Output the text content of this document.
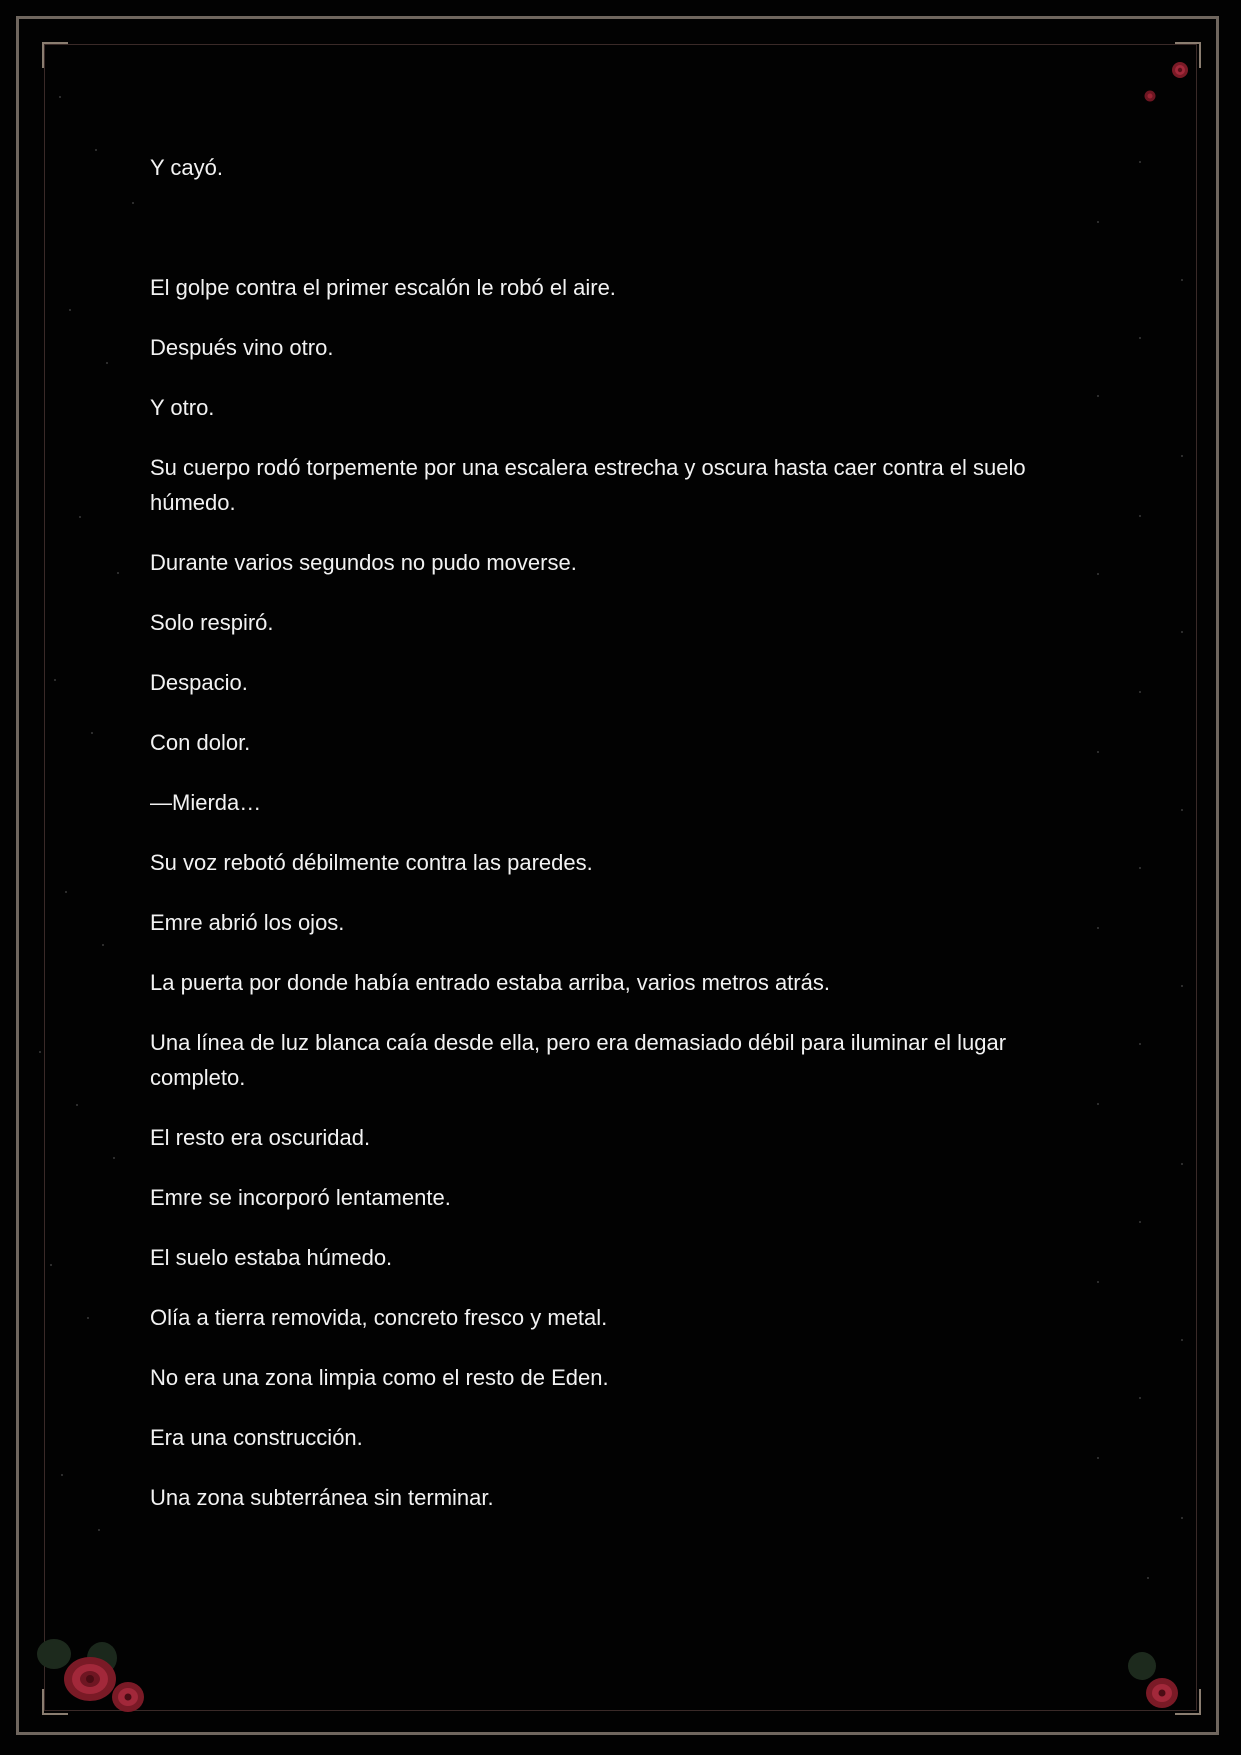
Y cayó.

El golpe contra el primer escalón le robó el aire.

Después vino otro.

Y otro.

Su cuerpo rodó torpemente por una escalera estrecha y oscura hasta caer contra el suelo húmedo.

Durante varios segundos no pudo moverse.

Solo respiró.

Despacio.

Con dolor.

—Mierda…

Su voz rebotó débilmente contra las paredes.

Emre abrió los ojos.

La puerta por donde había entrado estaba arriba, varios metros atrás.

Una línea de luz blanca caía desde ella, pero era demasiado débil para iluminar el lugar completo.

El resto era oscuridad.

Emre se incorporó lentamente.

El suelo estaba húmedo.

Olía a tierra removida, concreto fresco y metal.

No era una zona limpia como el resto de Eden.

Era una construcción.

Una zona subterránea sin terminar.
